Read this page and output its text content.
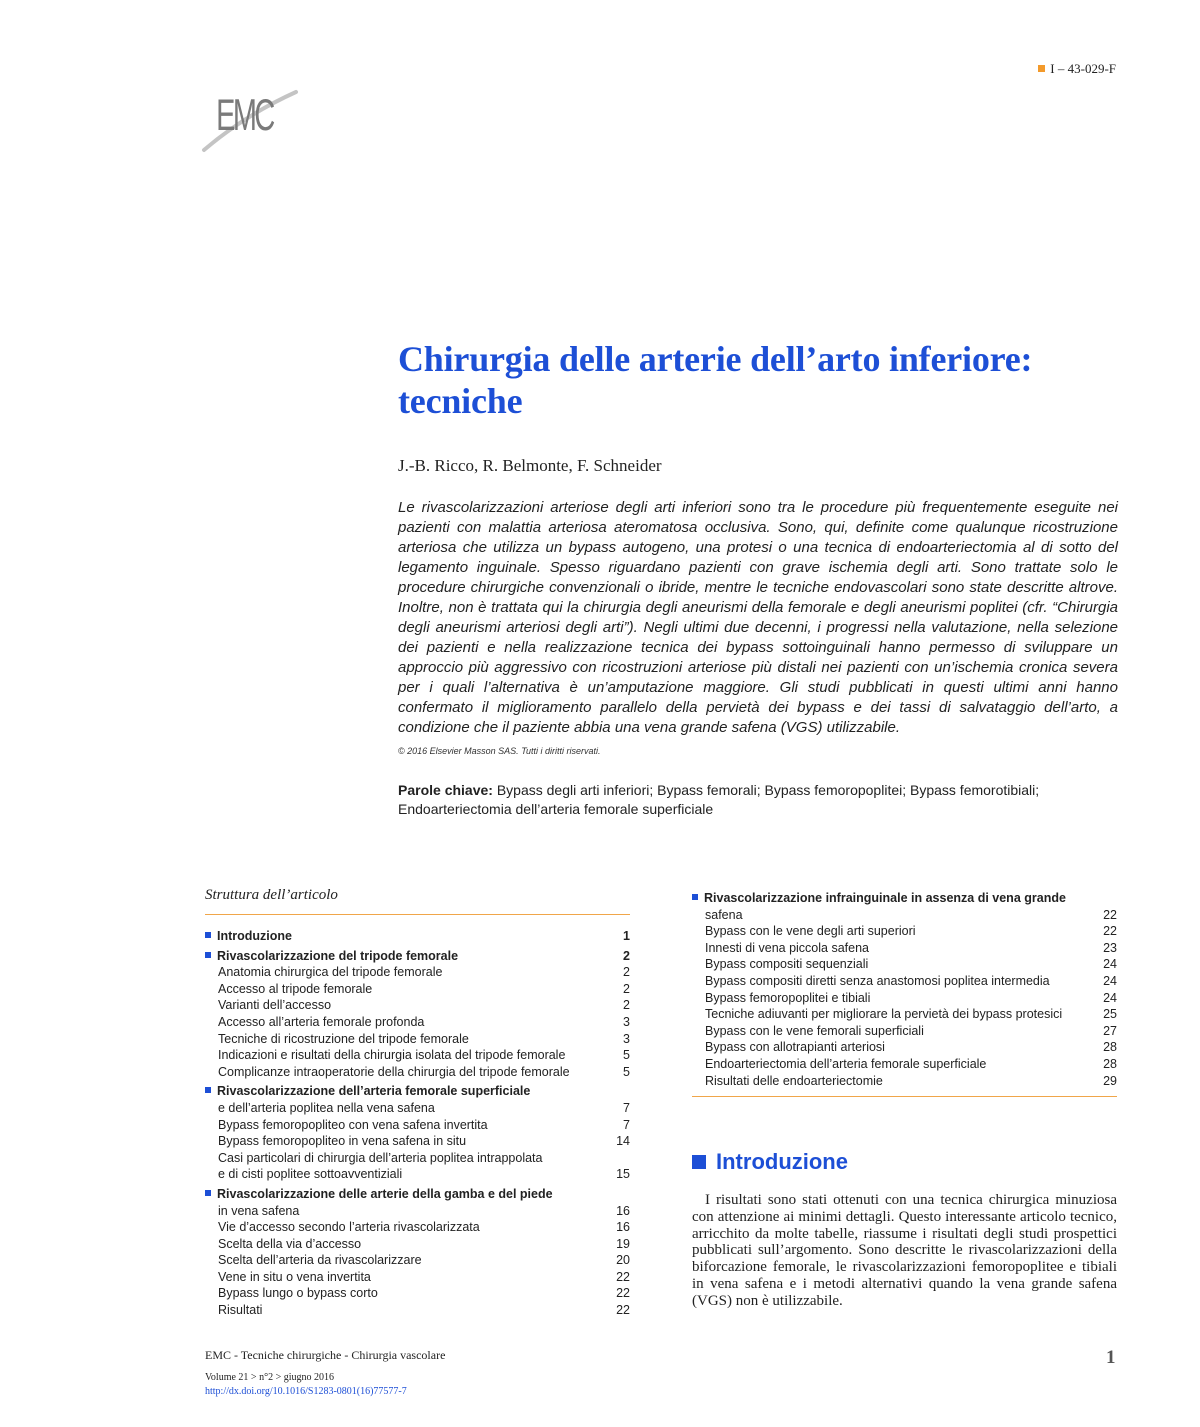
EMC
I – 43-029-F
Chirurgia delle arterie dell’arto inferiore: tecniche
J.-B. Ricco, R. Belmonte, F. Schneider

Le rivascolarizzazioni arteriose degli arti inferiori sono tra le procedure più frequentemente eseguite nei pazienti con malattia arteriosa ateromatosa occlusiva. Sono, qui, definite come qualunque ricostruzione arteriosa che utilizza un bypass autogeno, una protesi o una tecnica di endoarteriectomia al di sotto del legamento inguinale. Spesso riguardano pazienti con grave ischemia degli arti. Sono trattate solo le procedure chirurgiche convenzionali o ibride, mentre le tecniche endovascolari sono state descritte altrove. Inoltre, non è trattata qui la chirurgia degli aneurismi della femorale e degli aneurismi poplitei (cfr. “Chirurgia degli aneurismi arteriosi degli arti”). Negli ultimi due decenni, i progressi nella valutazione, nella selezione dei pazienti e nella realizzazione tecnica dei bypass sottoinguinali hanno permesso di sviluppare un approccio più aggressivo con ricostruzioni arteriose più distali nei pazienti con un’ischemia cronica severa per i quali l’alternativa è un’amputazione maggiore. Gli studi pubblicati in questi ultimi anni hanno confermato il miglioramento parallelo della pervietà dei bypass e dei tassi di salvataggio dell’arto, a condizione che il paziente abbia una vena grande safena (VGS) utilizzabile.

© 2016 Elsevier Masson SAS. Tutti i diritti riservati.

Parole chiave: Bypass degli arti inferiori; Bypass femorali; Bypass femoropoplitei; Bypass femorotibiali; Endoarteriectomia dell’arteria femorale superficiale

Struttura dell’articolo
Introduzione	1
Rivascolarizzazione del tripode femorale	2
Anatomia chirurgica del tripode femorale	2
Accesso al tripode femorale	2
Varianti dell’accesso	2
Accesso all’arteria femorale profonda	3
Tecniche di ricostruzione del tripode femorale	3
Indicazioni e risultati della chirurgia isolata del tripode femorale	5
Complicanze intraoperatorie della chirurgia del tripode femorale	5
Rivascolarizzazione dell’arteria femorale superficiale
e dell’arteria poplitea nella vena safena	7
Bypass femoropopliteo con vena safena invertita	7
Bypass femoropopliteo in vena safena in situ	14
Casi particolari di chirurgia dell’arteria poplitea intrappolata
e di cisti poplitee sottoavventiziali	15
Rivascolarizzazione delle arterie della gamba e del piede
in vena safena	16
Vie d’accesso secondo l’arteria rivascolarizzata	16
Scelta della via d’accesso	19
Scelta dell’arteria da rivascolarizzare	20
Vene in situ o vena invertita	22
Bypass lungo o bypass corto	22
Risultati	22
Rivascolarizzazione infrainguinale in assenza di vena grande
safena	22
Bypass con le vene degli arti superiori	22
Innesti di vena piccola safena	23
Bypass compositi sequenziali	24
Bypass compositi diretti senza anastomosi poplitea intermedia	24
Bypass femoropoplitei e tibiali	24
Tecniche adiuvanti per migliorare la pervietà dei bypass protesici	25
Bypass con le vene femorali superficiali	27
Bypass con allotrapianti arteriosi	28
Endoarteriectomia dell’arteria femorale superficiale	28
Risultati delle endoarteriectomie	29
Introduzione

I risultati sono stati ottenuti con una tecnica chirurgica minuziosa con attenzione ai minimi dettagli. Questo interessante articolo tecnico, arricchito da molte tabelle, riassume i risultati degli studi prospettici pubblicati sull’argomento. Sono descritte le rivascolarizzazioni della biforcazione femorale, le rivascolarizzazioni femoropoplitee e tibiali in vena safena e i metodi alternativi quando la vena grande safena (VGS) non è utilizzabile.

EMC - Tecniche chirurgiche - Chirurgia vascolare	1
Volume 21 > n°2 > giugno 2016
http://dx.doi.org/10.1016/S1283-0801(16)77577-7
